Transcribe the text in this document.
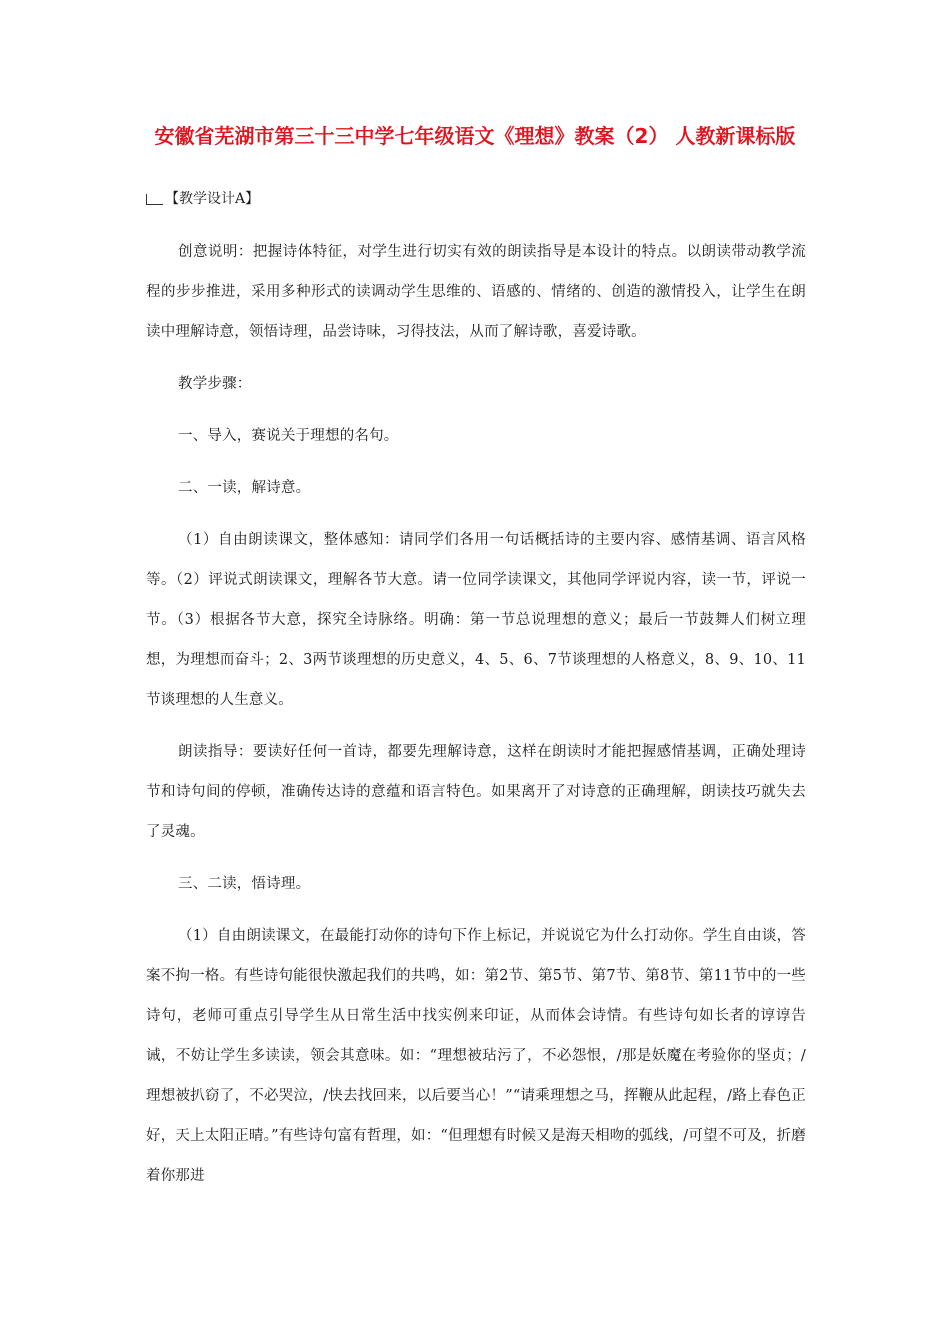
安徽省芜湖市第三十三中学七年级语文《理想》教案（2） 人教新课标版
【教学设计A】

创意说明：把握诗体特征，对学生进行切实有效的朗读指导是本设计的特点。以朗读带动教学流程的步步推进，采用多种形式的读调动学生思维的、语感的、情绪的、创造的激情投入，让学生在朗读中理解诗意，领悟诗理，品尝诗味，习得技法，从而了解诗歌，喜爱诗歌。

教学步骤：

一、导入，赛说关于理想的名句。

二、一读，解诗意。

（1）自由朗读课文，整体感知：请同学们各用一句话概括诗的主要内容、感情基调、语言风格等。（2）评说式朗读课文，理解各节大意。请一位同学读课文，其他同学评说内容，读一节，评说一节。（3）根据各节大意，探究全诗脉络。明确：第一节总说理想的意义；最后一节鼓舞人们树立理想，为理想而奋斗；2、3两节谈理想的历史意义，4、5、6、7节谈理想的人格意义，8、9、10、11节谈理想的人生意义。

朗读指导：要读好任何一首诗，都要先理解诗意，这样在朗读时才能把握感情基调，正确处理诗节和诗句间的停顿，准确传达诗的意蕴和语言特色。如果离开了对诗意的正确理解，朗读技巧就失去了灵魂。

三、二读，悟诗理。

（1）自由朗读课文，在最能打动你的诗句下作上标记，并说说它为什么打动你。学生自由谈，答案不拘一格。有些诗句能很快激起我们的共鸣，如：第2节、第5节、第7节、第8节、第11节中的一些诗句，老师可重点引导学生从日常生活中找实例来印证，从而体会诗情。有些诗句如长者的谆谆告诫，不妨让学生多读读，领会其意味。如：“理想被玷污了，不必怨恨，/那是妖魔在考验你的坚贞；/理想被扒窃了，不必哭泣，/快去找回来，以后要当心！”“请乘理想之马，挥鞭从此起程，/路上春色正好，天上太阳正晴。”有些诗句富有哲理，如：“但理想有时候又是海天相吻的弧线，/可望不可及，折磨着你那进
